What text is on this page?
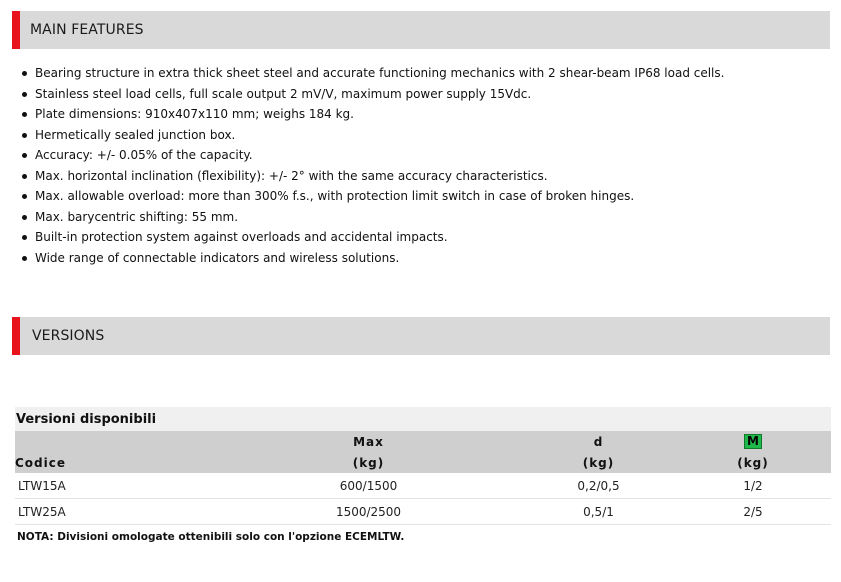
MAIN FEATURES
Bearing structure in extra thick sheet steel and accurate functioning mechanics with 2 shear-beam IP68 load cells.
Stainless steel load cells, full scale output 2 mV/V, maximum power supply 15Vdc.
Plate dimensions: 910x407x110 mm; weighs 184 kg.
Hermetically sealed junction box.
Accuracy: +/- 0.05% of the capacity.
Max. horizontal inclination (flexibility): +/- 2° with the same accuracy characteristics.
Max. allowable overload: more than 300% f.s., with protection limit switch in case of broken hinges.
Max. barycentric shifting: 55 mm.
Built-in protection system against overloads and accidental impacts.
Wide range of connectable indicators and wireless solutions.
VERSIONS
Versioni disponibili
	Max	d	M
Codice	(kg)	(kg)	(kg)
LTW15A	600/1500	0,2/0,5	1/2
LTW25A	1500/2500	0,5/1	2/5
NOTA: Divisioni omologate ottenibili solo con l'opzione ECEMLTW.
